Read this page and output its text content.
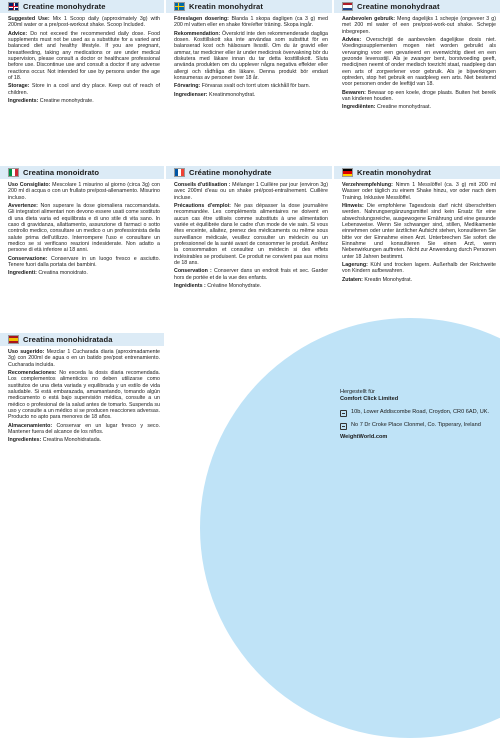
Creatine monohydrate

Suggested Use: Mix 1 Scoop daily (approximately 3g) with 200ml water or a pre/post-workout shake. Scoop Included.

Advice: Do not exceed the recommended daily dose. Food supplements must not be used as a substitute for a varied and balanced diet and healthy lifestyle. If you are pregnant, breastfeeding, taking any medications or are under medical supervision, please consult a doctor or healthcare professional before use. Discontinue use and consult a doctor if any adverse reactions occur. Not intended for use by persons under the age of 18.

Storage: Store in a cool and dry place. Keep out of reach of children.

Ingredients: Creatine monohydrate.

Kreatin monohydrat

Föreslagen dosering: Blanda 1 skopa dagligen (ca 3 g) med 200 ml vatten eller en shake före/efter träning. Skopa ingår.

Rekommendation: Överskrid inte den rekommenderade dagliga dosen. Kosttillskott ska inte användas som substitut för en balanserad kost och hälsosam livsstil. Om du är gravid eller ammar, tar mediciner eller är under medicinsk övervakning bör du diskutera med läkare innan du tar detta kosttillskott. Sluta använda produkten om du upplever några negativa effekter eller allergi och rådfråga din läkare. Denna produkt bör endast konsumeras av personer över 18 år.

Förvaring: Förvaras svalt och torrt utom räckhåll för barn.

Ingredienser: Kreatinmonohydrat.

Creatine monohydraat

Aanbevolen gebruik: Meng dagelijks 1 schepje (ongeveer 3 g) met 200 ml water of een pre/post-work-out shake. Schepje inbegrepen.

Advies: Overschrijd de aanbevolen dagelijkse dosis niet. Voedingssupplementen mogen niet worden gebruikt als vervanging voor een gevarieerd en evenwichtig dieet en een gezonde levensstijl. Als je zwanger bent, borstvoeding geeft, medicijnen neemt of onder medisch toezicht staat, raadpleeg dan een arts of zorgverlener voor gebruik. Als je bijwerkingen optreden, stop het gebruik en raadpleeg een arts. Niet bestemd voor personen onder de leeftijd van 18.

Bewaren: Bewaar op een koele, droge plaats. Buiten het bereik van kinderen houden.

Ingrediënten: Creatine monohydraat.

Creatina monoidrato

Uso Consigliato: Mescolare 1 misurino al giorno (circa 3g) con 200 ml di acqua o con un frullato pre/post-allenamento. Misurino incluso.

Avvertenze: Non superare la dose giornaliera raccomandata. Gli integratori alimentari non devono essere usati come sostituto di una dieta varia ed equilibrata e di uno stile di vita sano. In caso di gravidanza, allattamento, assunzione di farmaci o sotto controllo medico, consultare un medico o un professionista della salute prima dell'utilizzo. Interrompere l'uso e consultare un medico se si verificano reazioni indesiderate. Non adatto a persone di età inferiore ai 18 anni.

Conservazione: Conservare in un luogo fresco e asciutto. Tenere fuori dalla portata dei bambini.

Ingredienti: Creatina monoidrato.

Créatine monohydrate

Conseils d'utilisation : Mélanger 1 Cuillère par jour (environ 3g) avec 200ml d'eau ou un shake pré/post-entraînement. Cuillère incluse.

Précautions d'emploi: Ne pas dépasser la dose journalière recommandée. Les compléments alimentaires ne doivent en aucun cas être utilisés comme substituts à une alimentation variée et équilibrée dans le cadre d'un mode de vie sain. Si vous êtes enceinte, allaitez, prenez des médicaments ou même sous surveillance médicale, veuillez consulter un médecin ou un professionnel de la santé avant de consommer le produit. Arrêtez la consommation et consultez un médecin si des effets indésirables se produisent. Ce produit ne convient pas aux moins de 18 ans.

Conservation : Conserver dans un endroit frais et sec. Garder hors de portée et de la vue des enfants.

Ingrédients : Créatine Monohydrate.

Kreatin monohydrat

Verzehrempfehlung: Nimm 1 Messlöffel (ca. 3 g) mit 200 ml Wasser oder täglich zu einem Shake hinzu, vor oder nach dem Training. Inklusive Messlöffel.

Hinweis: Die empfohlene Tagesdosis darf nicht überschritten werden. Nahrungsergänzungsmittel sind kein Ersatz für eine abwechslungsreiche, ausgewogene Ernährung und eine gesunde Lebensweise. Wenn Sie schwanger sind, stillen, Medikamente einnehmen oder unter ärztlicher Aufsicht stehen, konsultieren Sie bitte vor der Einnahme einen Arzt. Unterbrechen Sie sofort die Einnahme und konsultieren Sie einen Arzt, wenn Nebenwirkungen auftreten. Nicht zur Anwendung durch Personen unter 18 Jahren bestimmt.

Lagerung: Kühl und trocken lagern. Außerhalb der Reichweite von Kindern aufbewahren.

Zutaten: Kreatin Monohydrat.

Creatina monohidratada

Uso sugerido: Mezclar 1 Cucharada diaria (aproximadamente 3g) con 200ml de agua o en un batido pre/post entrenamiento. Cucharada incluida.

Recomendaciones: No exceda la dosis diaria recomendada. Los complementos alimenticios no deben utilizarse como sustitutos de una dieta variada y equilibrada y un estilo de vida saludable. Si está embarazada, amamantando, tomando algún medicamento o está bajo supervisión médica, consulte a un médico o profesional de la salud antes de tomarlo. Suspenda su uso y consulte a un médico si se producen reacciones adversas. Producto no apto para menores de 18 años.

Almacenamiento: Conservar en un lugar fresco y seco. Mantener fuera del alcance de los niños.

Ingredientes: Creatina Monohidratada.

Hergestellt für
Comfort Click Limited
10b, Lower Addiscombe Road, Croydon, CR0 6AD, UK.
No 7 Dr Croke Place Clonmel, Co. Tipperary, Ireland
WeightWorld.com
